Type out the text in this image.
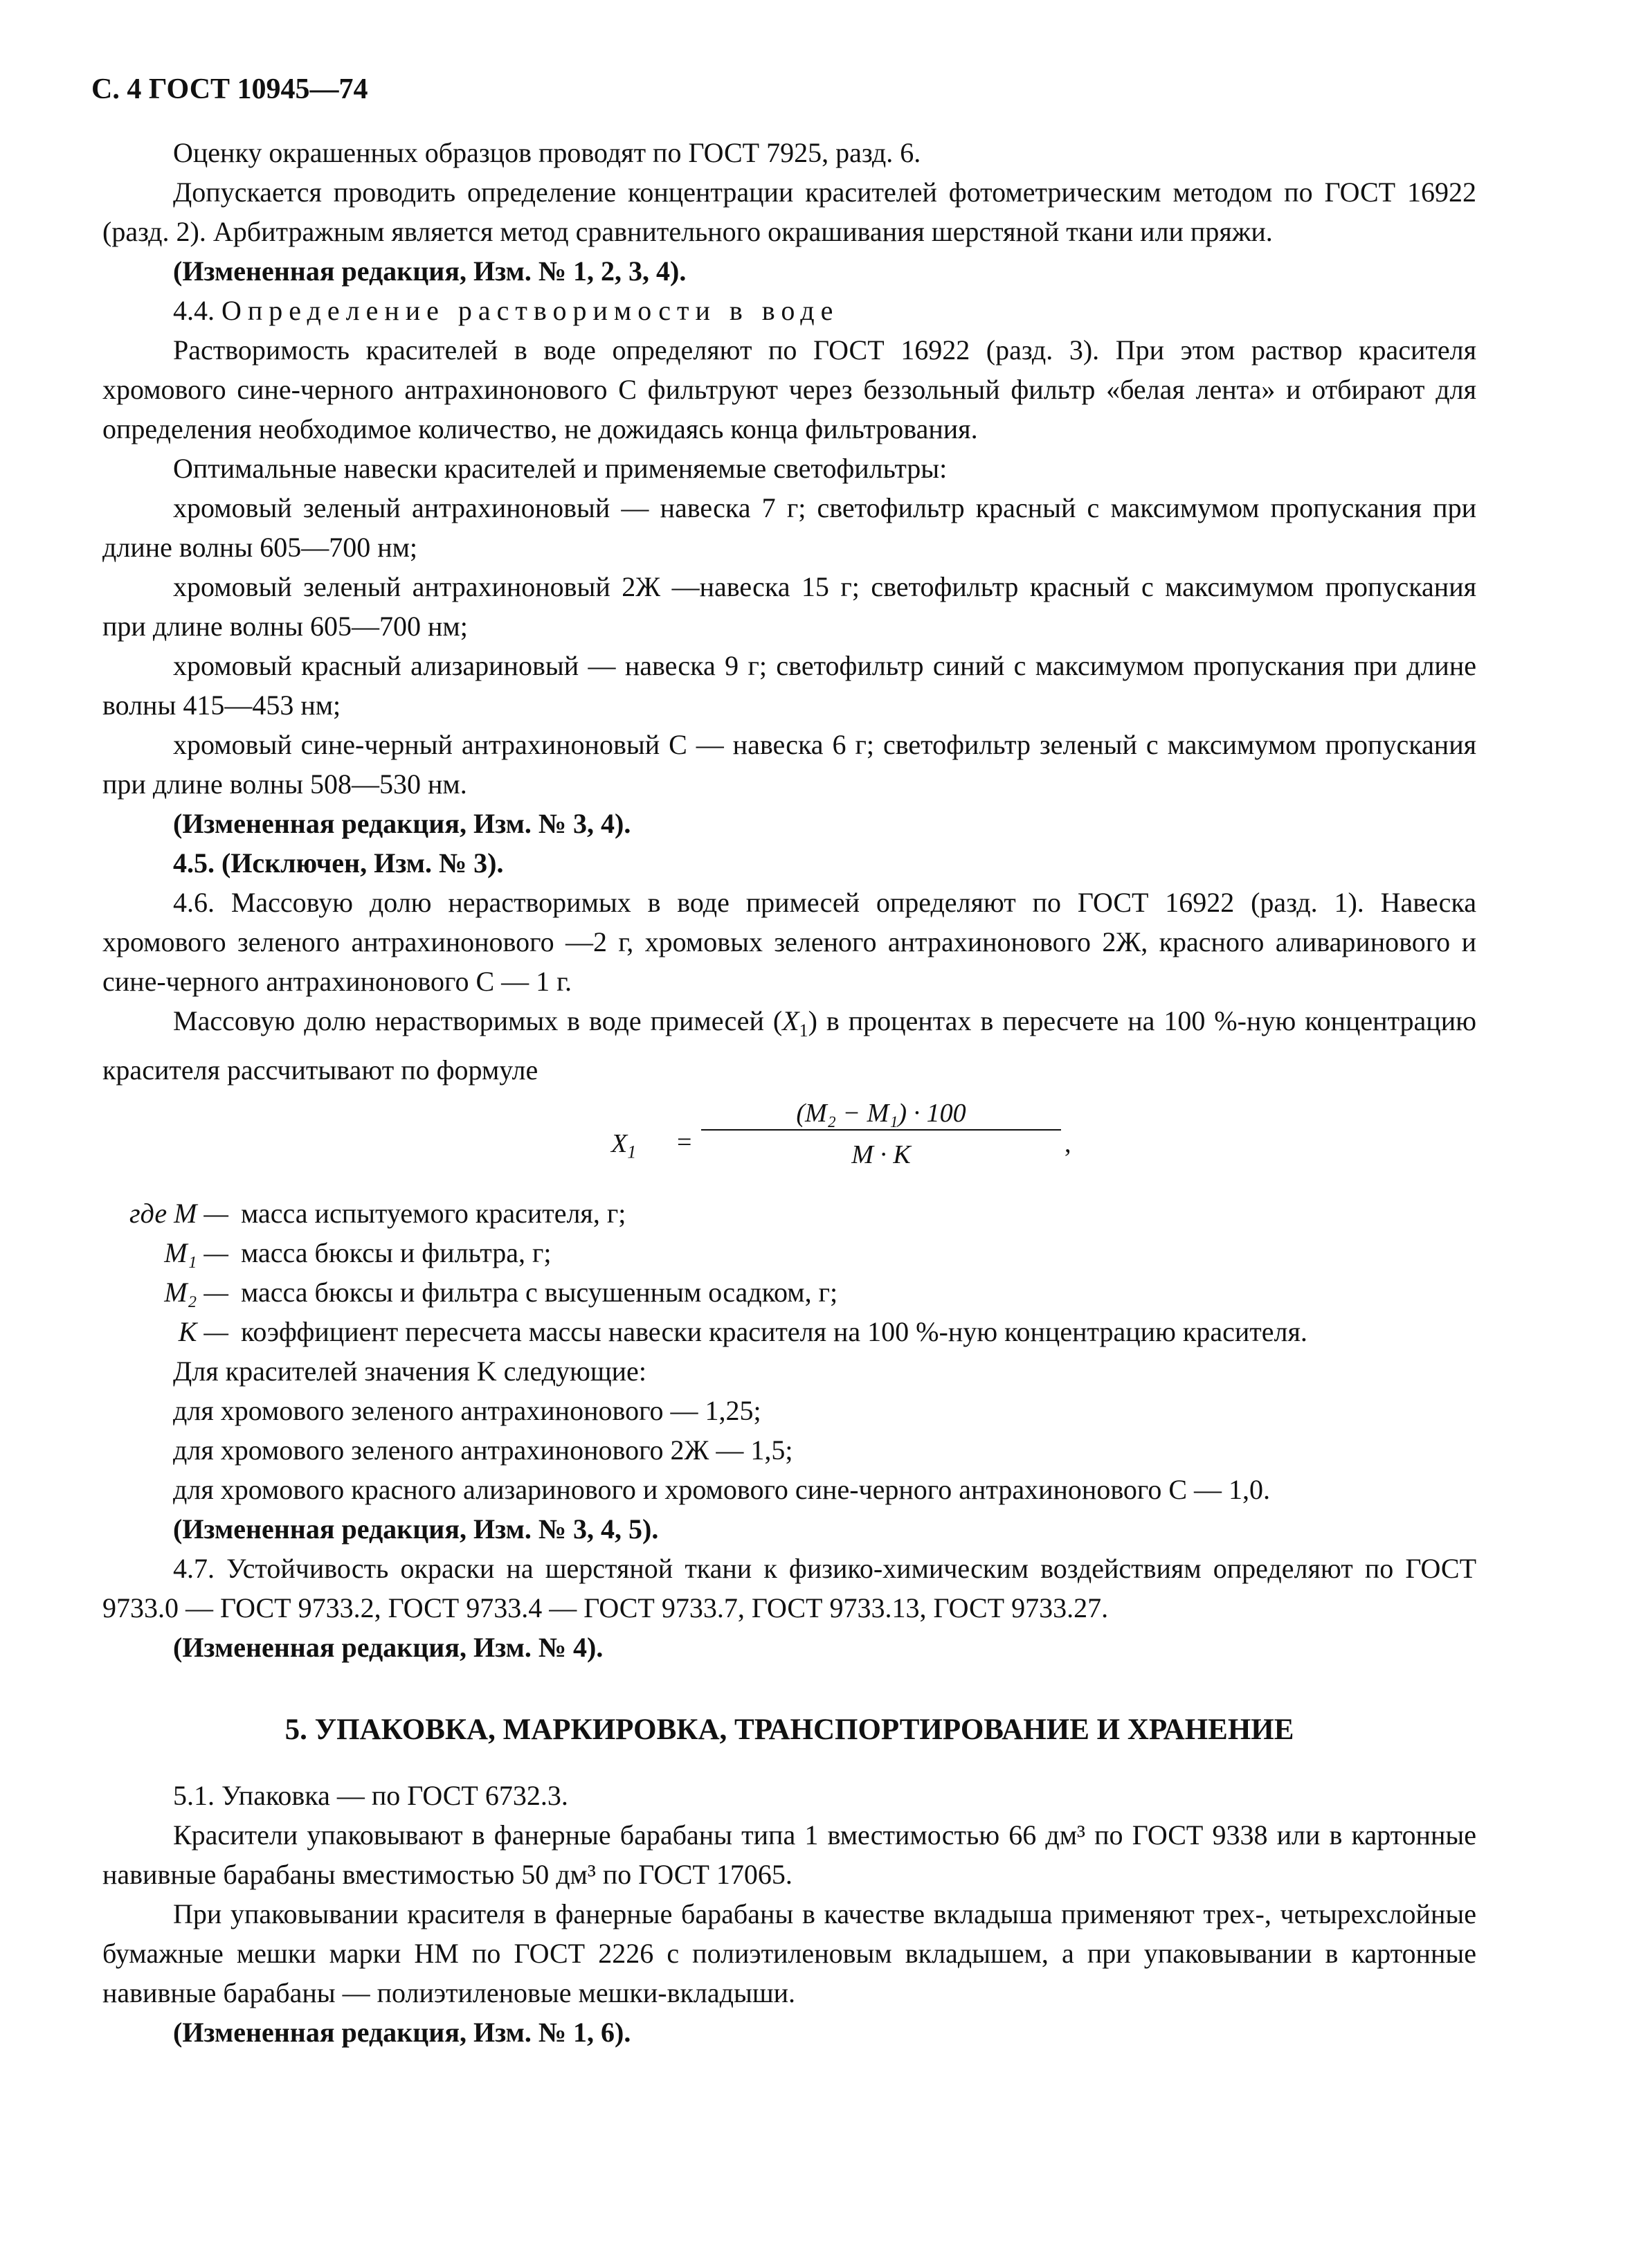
С. 4 ГОСТ 10945—74

Оценку окрашенных образцов проводят по ГОСТ 7925, разд. 6.

Допускается проводить определение концентрации красителей фотометрическим методом по ГОСТ 16922 (разд. 2). Арбитражным является метод сравнительного окрашивания шерстяной ткани или пряжи.

(Измененная редакция, Изм. № 1, 2, 3, 4).

4.4. Определение растворимости в воде

Растворимость красителей в воде определяют по ГОСТ 16922 (разд. 3). При этом раствор красителя хромового сине-черного антрахинонового С фильтруют через беззольный фильтр «белая лента» и отбирают для определения необходимое количество, не дожидаясь конца фильтрования.

Оптимальные навески красителей и применяемые светофильтры:

хромовый зеленый антрахиноновый — навеска 7 г; светофильтр красный с максимумом пропускания при длине волны 605—700 нм;

хромовый зеленый антрахиноновый 2Ж —навеска 15 г; светофильтр красный с максимумом пропускания при длине волны 605—700 нм;

хромовый красный ализариновый — навеска 9 г; светофильтр синий с максимумом пропускания при длине волны 415—453 нм;

хромовый сине-черный антрахиноновый С — навеска 6 г; светофильтр зеленый с максимумом пропускания при длине волны 508—530 нм.

(Измененная редакция, Изм. № 3, 4).

4.5. (Исключен, Изм. № 3).

4.6. Массовую долю нерастворимых в воде примесей определяют по ГОСТ 16922 (разд. 1). Навеска хромового зеленого антрахинонового —2 г, хромовых зеленого антрахинонового 2Ж, красного аливаринового и сине-черного антрахинонового С — 1 г.

Массовую долю нерастворимых в воде примесей $(X_1)$ в процентах в пересчете на 100 %-ную концентрацию красителя рассчитывают по формуле

$X_1$ =
(M₂ − M₁) · 100
M · K	,
где M — масса испытуемого красителя, г;
M₁ — масса бюксы и фильтра, г;
M₂ — масса бюксы и фильтра с высушенным осадком, г;
K — коэффициент пересчета массы навески красителя на 100 %-ную концентрацию красителя.

Для красителей значения K следующие:

для хромового зеленого антрахинонового — 1,25;

для хромового зеленого антрахинонового 2Ж — 1,5;

для хромового красного ализаринового и хромового сине-черного антрахинонового С — 1,0.

(Измененная редакция, Изм. № 3, 4, 5).

4.7. Устойчивость окраски на шерстяной ткани к физико-химическим воздействиям определяют по ГОСТ 9733.0 — ГОСТ 9733.2, ГОСТ 9733.4 — ГОСТ 9733.7, ГОСТ 9733.13, ГОСТ 9733.27.

(Измененная редакция, Изм. № 4).

5. УПАКОВКА, МАРКИРОВКА, ТРАНСПОРТИРОВАНИЕ И ХРАНЕНИЕ

5.1. Упаковка — по ГОСТ 6732.3.

Красители упаковывают в фанерные барабаны типа 1 вместимостью 66 дм³ по ГОСТ 9338 или в картонные навивные барабаны вместимостью 50 дм³ по ГОСТ 17065.

При упаковывании красителя в фанерные барабаны в качестве вкладыша применяют трех-, четырехслойные бумажные мешки марки НМ по ГОСТ 2226 с полиэтиленовым вкладышем, а при упаковывании в картонные навивные барабаны — полиэтиленовые мешки-вкладыши.

(Измененная редакция, Изм. № 1, 6).
